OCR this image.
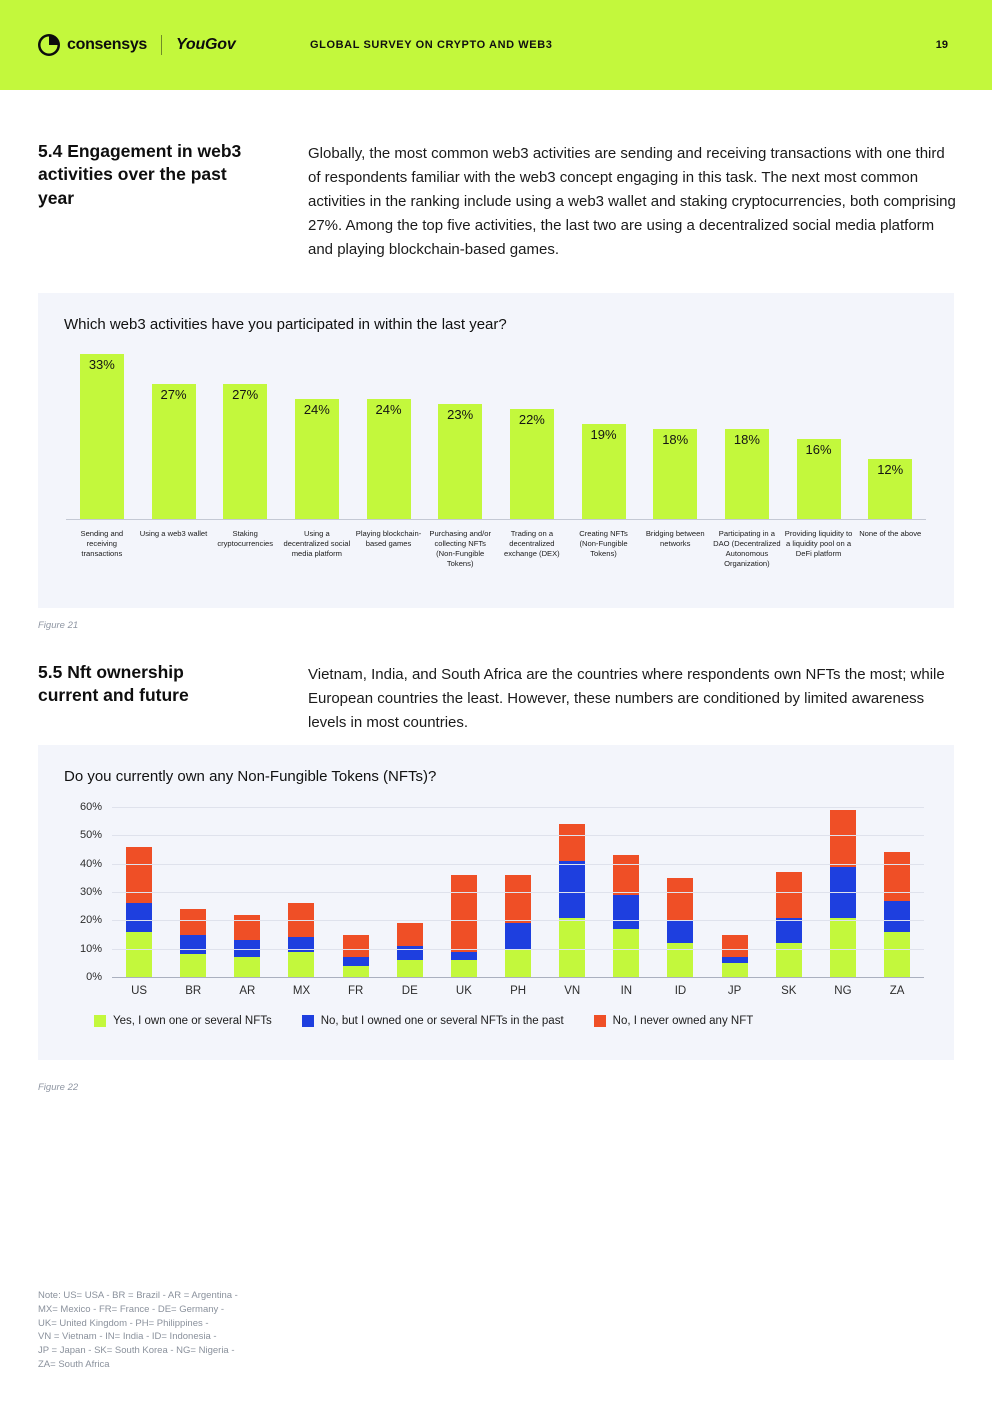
consensys YouGov	GLOBAL SURVEY ON CRYPTO AND WEB3	19
5.4 Engagement in web3 activities over the past year

Globally, the most common web3 activities are sending and receiving transactions with one third of respondents familiar with the web3 concept engaging in this task. The next most common activities in the ranking include using a web3 wallet and staking cryptocurrencies, both comprising 27%. Among the top five activities, the last two are using a decentralized social media platform and playing blockchain-based games.

Which web3 activities have you participated in within the last year?
33%
27%	27%
24%	24%	23%	22%
19%	18%	18%
16%
12%
Sending and receiving transactions
Using a web3 wallet	Staking cryptocurrencies
Using a decentralized social media platform
Playing blockchain-based games
Purchasing and/or collecting NFTs (Non-Fungible Tokens)
Trading on a decentralized exchange (DEX)
Creating NFTs (Non-Fungible Tokens)
Bridging between networks
Participating in a DAO (Decentralized Autonomous Organization)
Providing liquidity to a liquidity pool on a DeFi platform
None of the above
Figure 21
5.5 Nft ownership current and future

Vietnam, India, and South Africa are the countries where respondents own NFTs the most; while European countries the least. However, these numbers are conditioned by limited awareness levels in most countries.

Do you currently own any Non-Fungible Tokens (NFTs)?
0%
10%
20%
30%
40%
50%
60%
US	BR	AR	MX	FR	DE	UK	PH	VN	IN	ID	JP	SK	NG	ZA
Yes, I own one or several NFTs	No, but I owned one or several NFTs in the past	No, I never owned any NFT
Figure 22
Note: US= USA - BR = Brazil - AR = Argentina -
MX= Mexico - FR= France - DE= Germany -
UK= United Kingdom - PH= Philippines -
VN = Vietnam - IN= India - ID= Indonesia -
JP = Japan - SK= South Korea - NG= Nigeria -
ZA= South Africa
